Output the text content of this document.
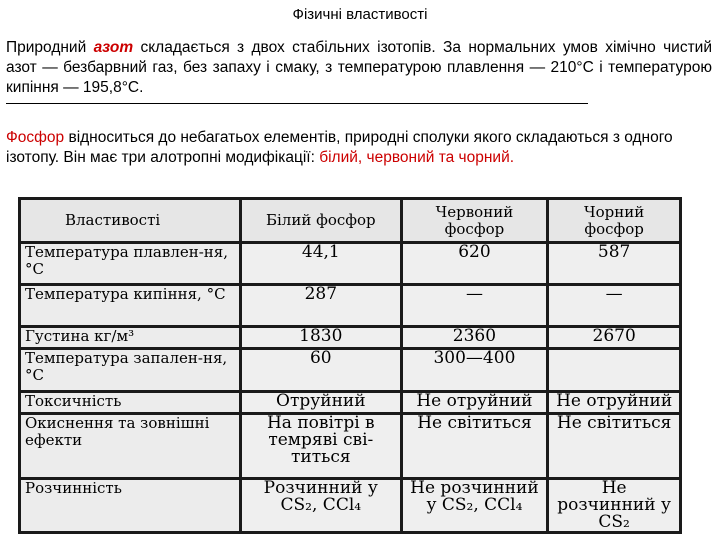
Фізичні властивості

Природний азот складається з двох стабільних ізотопів. За нормальних умов хімічно чистий азот — безбарвний газ, без запаху і смаку, з температурою плавлення — 210°С і температурою кипіння — 195,8°С.

Фосфор відноситься до небагатьох елементів, природні сполуки якого складаються з одного ізотопу. Він має три алотропні модифікації: білий, червоний та чорний.

Властивості	Білий фосфор	Червоний фосфор	Чорний фосфор
Температура плавлен-ня, °С	44,1	620	587
Температура кипіння, °С	287	—	—
Густина кг/м³	1830	2360	2670
Температура запален-ня, °С	60	300—400	
Токсичність	Отруйний	Не отруйний	Не отруйний
Окиснення та зовнішні ефекти	На повітрі в темряві сві-титься	Не світиться	Не світиться
Розчинність	Розчинний у CS₂, CCl₄	Не розчинний у CS₂, CCl₄	Не розчинний у CS₂
